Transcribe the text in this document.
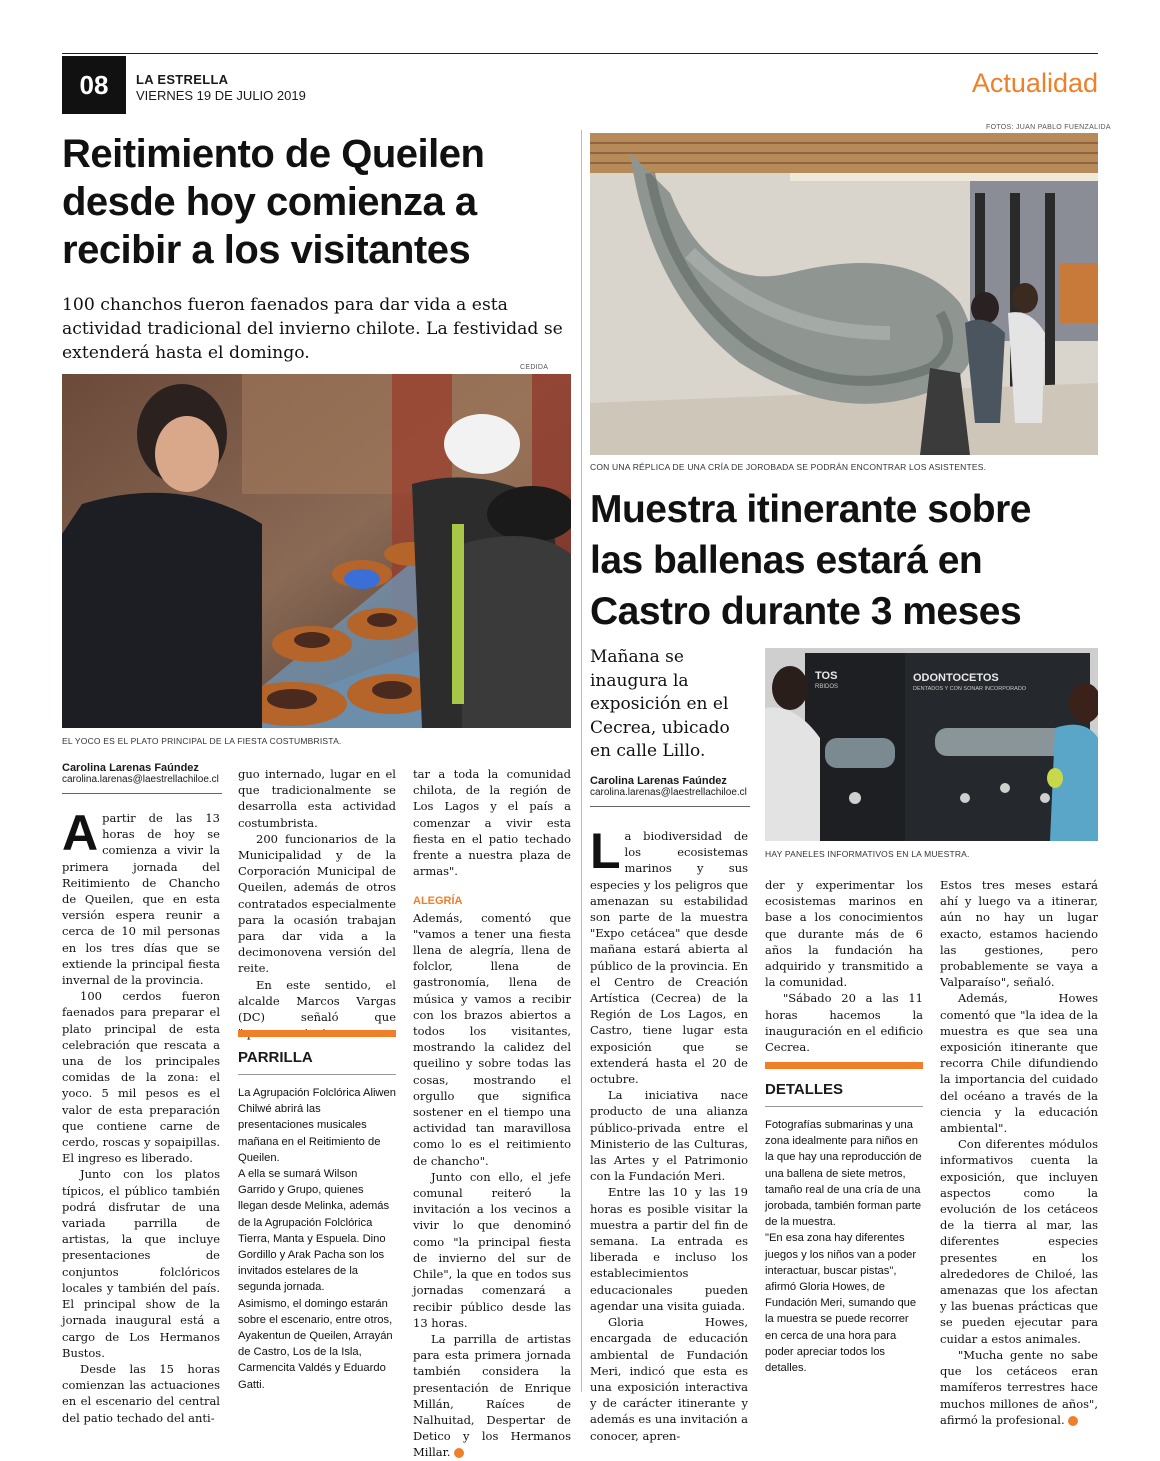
08	LA ESTRELLA
VIERNES 19 DE JULIO 2019	Actualidad
Reitimiento de Queilen
desde hoy comienza a
recibir a los visitantes
100 chanchos fueron faenados para dar vida a esta actividad tradicional del invierno chilote. La festividad se extenderá hasta el domingo.
CEDIDA
EL YOCO ES EL PLATO PRINCIPAL DE LA FIESTA COSTUMBRISTA.
Carolina Larenas Faúndez
carolina.larenas@laestrellachiloe.cl
A partir de las 13 horas de hoy se comienza a vivir la primera jornada del Reitimiento de Chancho de Queilen, que en esta versión espera reunir a cerca de 10 mil personas en los tres días que se extiende la principal fiesta invernal de la provincia.

100 cerdos fueron faenados para preparar el plato principal de esta celebración que rescata a una de los principales comidas de la zona: el yoco. 5 mil pesos es el valor de esta preparación que contiene carne de cerdo, roscas y sopaipillas. El ingreso es liberado.

Junto con los platos típicos, el público también podrá disfrutar de una variada parrilla de artistas, la que incluye presentaciones de conjuntos folclóricos locales y también del país. El principal show de la jornada inaugural está a cargo de Los Hermanos Bustos.

Desde las 15 horas comienzan las actuaciones en el escenario del central del patio techado del anti-

guo internado, lugar en el que tradicionalmente se desarrolla esta actividad costumbrista.

200 funcionarios de la Municipalidad y de la Corporación Municipal de Queilen, además de otros contratados especialmente para la ocasión trabajan para dar vida a la decimonovena versión del reite.

En este sentido, el alcalde Marcos Vargas (DC) señaló que

PARRILLA

La Agrupación Folclórica Aliwen Chilwé abrirá las presentaciones musicales mañana en el Reitimiento de Queilen.

A ella se sumará Wilson Garrido y Grupo, quienes llegan desde Melinka, además de la Agrupación Folclórica Tierra, Manta y Espuela. Dino Gordillo y Arak Pacha son los invitados estelares de la segunda jornada.

Asimismo, el domingo estarán sobre el escenario, entre otros, Ayakentun de Queilen, Arrayán de Castro, Los de la Isla, Carmencita Valdés y Eduardo Gatti.

tar a toda la comunidad chilota, de la región de Los Lagos y el país a comenzar a vivir esta fiesta en el patio techado frente a nuestra plaza de armas".

ALEGRÍA

Además, comentó que "vamos a tener una fiesta llena de alegría, llena de folclor, llena de gastronomía, llena de música y vamos a recibir con los brazos abiertos a todos los visitantes, mostrando la calidez del queilino y sobre todas las cosas, mostrando el orgullo que significa sostener en el tiempo una actividad tan maravillosa como lo es el reitimiento de chancho".

Junto con ello, el jefe comunal reiteró la invitación a los vecinos a vivir lo que denominó como "la principal fiesta de invierno del sur de Chile", la que en todos sus jornadas comenzará a recibir público desde las 13 horas.

La parrilla de artistas para esta primera jornada también considera la presentación de Enrique Millán, Raíces de Nalhuitad, Despertar de Detico y los Hermanos Millar.

FOTOS: JUAN PABLO FUENZALIDA
CON UNA RÉPLICA DE UNA CRÍA DE JOROBADA SE PODRÁN ENCONTRAR LOS ASISTENTES.
Muestra itinerante sobre
las ballenas estará en
Castro durante 3 meses
Mañana se inaugura la exposición en el Cecrea, ubicado en calle Lillo.
ODONTOCETOS
DENTADOS Y CON SONAR INCORPORADO
TOS
RBIDOS
HAY PANELES INFORMATIVOS EN LA MUESTRA.
Carolina Larenas Faúndez
carolina.larenas@laestrellachiloe.cl
L a biodiversidad de los ecosistemas marinos y sus especies y los peligros que amenazan su estabilidad son parte de la muestra "Expo cetácea" que desde mañana estará abierta al público de la provincia. En el Centro de Creación Artística (Cecrea) de la Región de Los Lagos, en Castro, tiene lugar esta exposición que se extenderá hasta el 20 de octubre.

La iniciativa nace producto de una alianza público-privada entre el Ministerio de las Culturas, las Artes y el Patrimonio con la Fundación Meri.

Entre las 10 y las 19 horas es posible visitar la muestra a partir del fin de semana. La entrada es liberada e incluso los establecimientos educacionales pueden agendar una visita guiada.

Gloria Howes, encargada de educación ambiental de Fundación Meri, indicó que esta es una exposición interactiva y de carácter itinerante y además es una invitación a conocer, apren-

der y experimentar los ecosistemas marinos en base a los conocimientos que durante más de 6 años la fundación ha adquirido y transmitido a la comunidad.

"Sábado 20 a las 11 horas hacemos la inauguración en el edificio Cecrea.

DETALLES

Fotografías submarinas y una zona idealmente para niños en la que hay una reproducción de una ballena de siete metros, tamaño real de una cría de una jorobada, también forman parte de la muestra.

"En esa zona hay diferentes juegos y los niños van a poder interactuar, buscar pistas", afirmó Gloria Howes, de Fundación Meri, sumando que la muestra se puede recorrer en cerca de una hora para poder apreciar todos los detalles.

Estos tres meses estará ahí y luego va a itinerar, aún no hay un lugar exacto, estamos haciendo las gestiones, pero probablemente se vaya a Valparaíso", señaló.

Además, Howes comentó que "la idea de la muestra es que sea una exposición itinerante que recorra Chile difundiendo la importancia del cuidado del océano a través de la ciencia y la educación ambiental".

Con diferentes módulos informativos cuenta la exposición, que incluyen aspectos como la evolución de los cetáceos de la tierra al mar, las diferentes especies presentes en los alrededores de Chiloé, las amenazas que los afectan y las buenas prácticas que se pueden ejecutar para cuidar a estos animales.

"Mucha gente no sabe que los cetáceos eran mamíferos terrestres hace muchos millones de años", afirmó la profesional.
